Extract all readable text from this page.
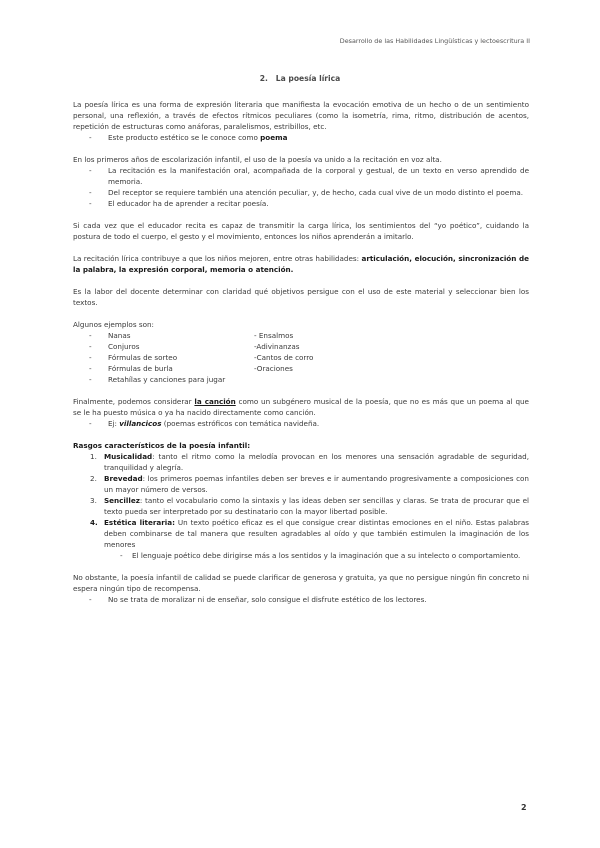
Desarrollo de las Habilidades Lingüísticas y lectoescritura II
2.   La poesía lírica

La poesía lírica es una forma de expresión literaria que manifiesta la evocación emotiva de un hecho o de un sentimiento personal, una reflexión, a través de efectos rítmicos peculiares (como la isometría, rima, ritmo, distribución de acentos, repetición de estructuras como anáforas, paralelismos, estribillos, etc.

- Este producto estético se le conoce como poema

En los primeros años de escolarización infantil, el uso de la poesía va unido a la recitación en voz alta.

- La recitación es la manifestación oral, acompañada de la corporal y gestual, de un texto en verso aprendido de memoria.
- Del receptor se requiere también una atención peculiar, y, de hecho, cada cual vive de un modo distinto el poema.
- El educador ha de aprender a recitar poesía.

Si cada vez que el educador recita es capaz de transmitir la carga lírica, los sentimientos del “yo poético”, cuidando la postura de todo el cuerpo, el gesto y el movimiento, entonces los niños aprenderán a imitarlo.

La recitación lírica contribuye a que los niños mejoren, entre otras habilidades: articulación, elocución, sincronización de la palabra, la expresión corporal, memoria o atención.

Es la labor del docente determinar con claridad qué objetivos persigue con el uso de este material y seleccionar bien los textos.

Algunos ejemplos son:

- Nanas	- Ensalmos
- Conjuros	-Adivinanzas
- Fórmulas de sorteo	-Cantos de corro
- Fórmulas de burla	-Oraciones
- Retahílas y canciones para jugar

Finalmente, podemos considerar la canción como un subgénero musical de la poesía, que no es más que un poema al que se le ha puesto música o ya ha nacido directamente como canción.

- Ej: villancicos (poemas estróficos con temática navideña.

Rasgos característicos de la poesía infantil:

1. Musicalidad: tanto el ritmo como la melodía provocan en los menores una sensación agradable de seguridad, tranquilidad y alegría.
2. Brevedad: los primeros poemas infantiles deben ser breves e ir aumentando progresivamente a composiciones con un mayor número de versos.
3. Sencillez: tanto el vocabulario como la sintaxis y las ideas deben ser sencillas y claras. Se trata de procurar que el texto pueda ser interpretado por su destinatario con la mayor libertad posible.
4. Estética literaria: Un texto poético eficaz es el que consigue crear distintas emociones en el niño. Estas palabras deben combinarse de tal manera que resulten agradables al oído y que también estimulen la imaginación de los menores
- El lenguaje poético debe dirigirse más a los sentidos y la imaginación que a su intelecto o comportamiento.

No obstante, la poesía infantil de calidad se puede clarificar de generosa y gratuita, ya que no persigue ningún fin concreto ni espera ningún tipo de recompensa.

- No se trata de moralizar ni de enseñar, solo consigue el disfrute estético de los lectores.
2
